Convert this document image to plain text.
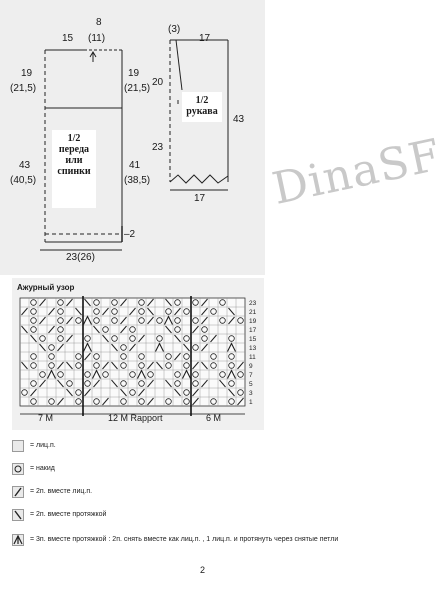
8
(11)
15
19
(21,5)
19
(21,5)
43
(40,5)
41
(38,5)
–2
23(26)
1/2
переда
или
спинки
(3)
17
20
23
43
17
1/2
рукава
DinaSF
Ажурный узор
23
21
19
17
15
13
11
9
7
5
3
1
7 M	12 M Rapport	6 M
= лиц.п.
= накид
= 2п. вместе лиц.п.
= 2п. вместе протяжкой
= 3п. вместе протяжкой : 2п. снять вместе как лиц.п. , 1 лиц.п. и протянуть через снятые петли
2
